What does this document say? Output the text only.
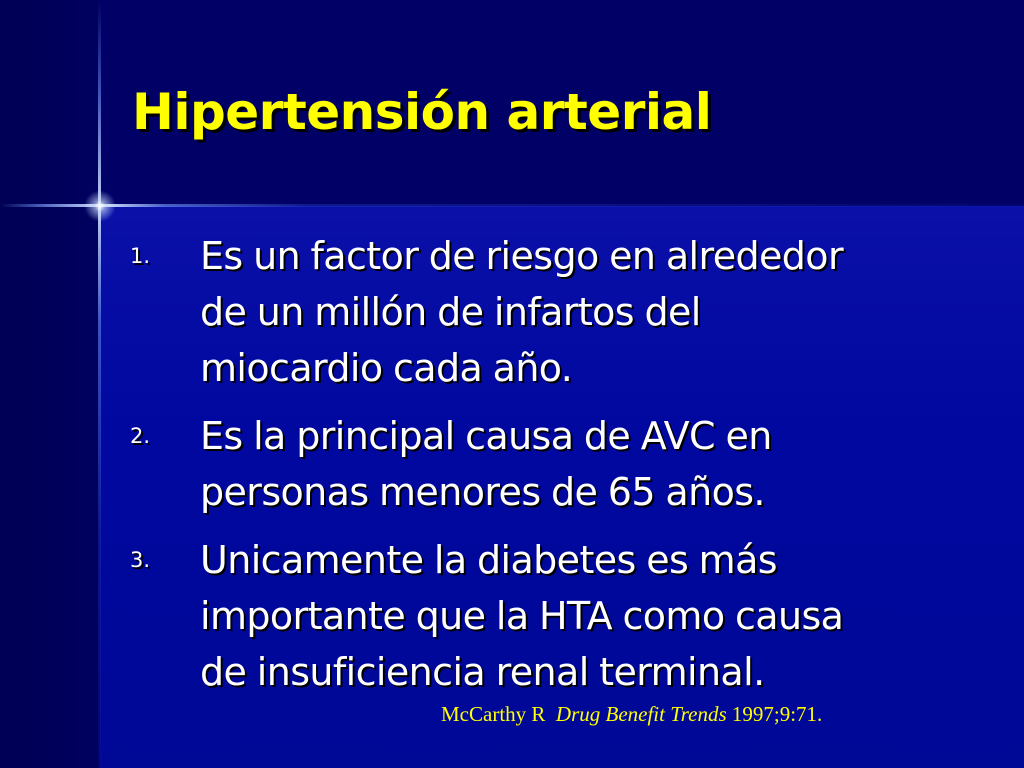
Hipertensión arterial
1. Es un factor de riesgo en alrededor
de un millón de infartos del
miocardio cada año.
2. Es la principal causa de AVC en
personas menores de 65 años.
3. Unicamente la diabetes es más
importante que la HTA como causa
de insuficiencia renal terminal.
McCarthy R Drug Benefit Trends 1997;9:71.
